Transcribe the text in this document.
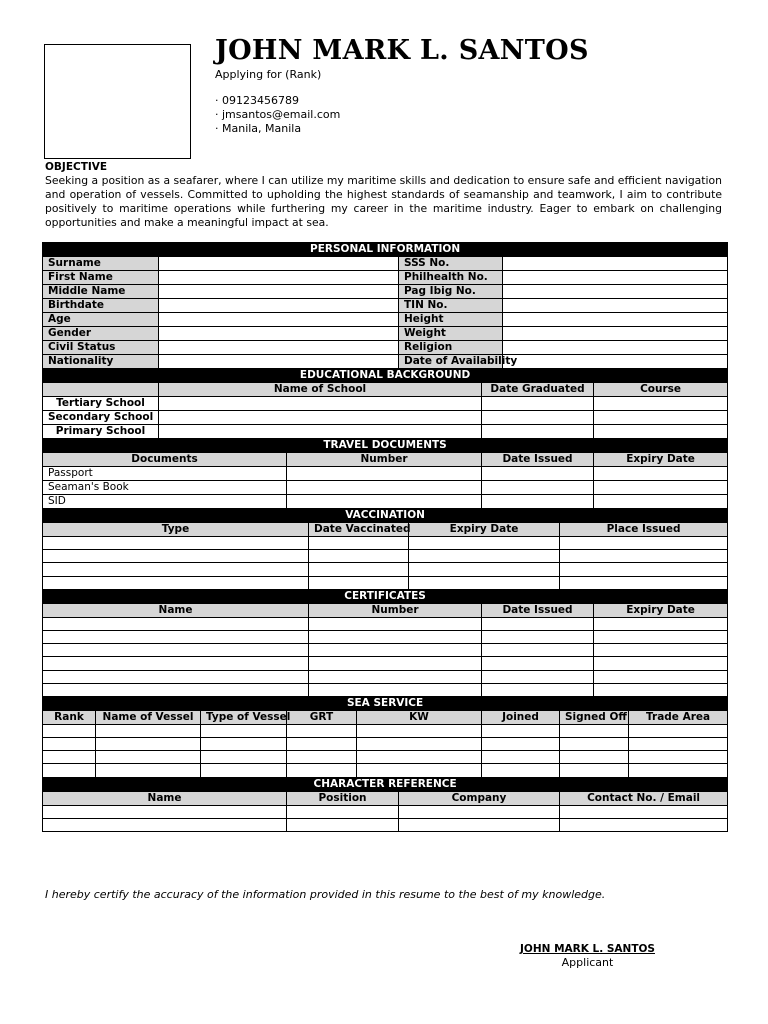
JOHN MARK L. SANTOS
Applying for (Rank)
· 09123456789
· jmsantos@email.com
· Manila, Manila
OBJECTIVE
Seeking a position as a seafarer, where I can utilize my maritime skills and dedication to ensure safe and efficient navigation and operation of vessels. Committed to upholding the highest standards of seamanship and teamwork, I aim to contribute positively to maritime operations while furthering my career in the maritime industry. Eager to embark on challenging opportunities and make a meaningful impact at sea.
PERSONAL INFORMATION													
Surname							SSS No.						
First Name							Philhealth No.						
Middle Name							Pag Ibig No.						
Birthdate							TIN No.						
Age							Height						
Gender							Weight						
Civil Status							Religion						
Nationality							Date of Availability						
EDUCATIONAL BACKGROUND													
		Name of School							Date Graduated			Course	
Tertiary School													
Secondary School													
Primary School													
TRAVEL DOCUMENTS													
Documents				Number					Date Issued			Expiry Date	
Passport													
Seaman's Book													
SID													
VACCINATION													
Type					Date Vaccinated			Expiry Date			Place Issued		

CERTIFICATES													
Name					Number				Date Issued			Expiry Date	

SEA SERVICE													
Rank	Name of Vessel		Type of Vessel	GRT		KW			Joined		Signed Off		Trade Area

CHARACTER REFERENCE													
Name				Position			Company				Contact No. / Email		

I hereby certify the accuracy of the information provided in this resume to the best of my knowledge.
JOHN MARK L. SANTOS
Applicant
